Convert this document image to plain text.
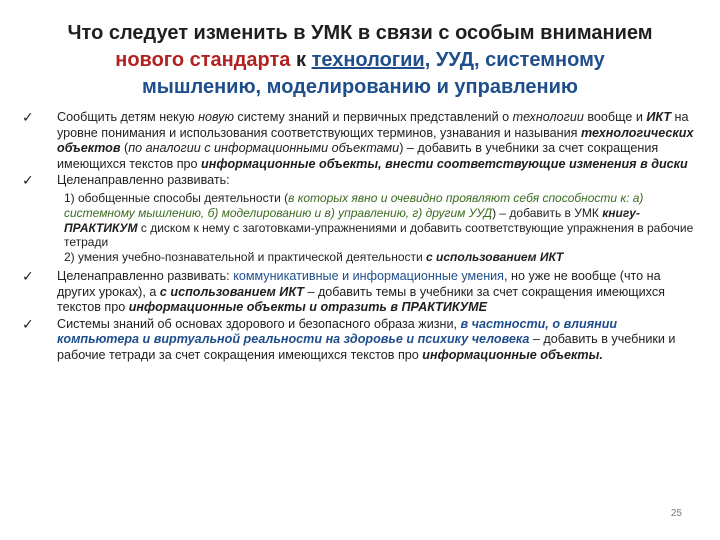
Что следует изменить в УМК в связи с особым вниманием
нового стандарта к технологии, УУД, системному
мышлению, моделированию и управлению
✓ Сообщить детям некую новую систему знаний и первичных представлений о технологии вообще и ИКТ на уровне понимания и использования соответствующих терминов, узнавания и называния технологических объектов (по аналогии с информационными объектами) – добавить в учебники за счет сокращения имеющихся текстов про информационные объекты, внести соответствующие изменения в диски
✓ Целенаправленно развивать:
1) обобщенные способы деятельности (в которых явно и очевидно проявляют себя способности к: а) системному мышлению, б) моделированию и в) управлению, г) другим УУД) – добавить в УМК книгу-ПРАКТИКУМ с диском к нему с заготовками-упражнениями и добавить соответствующие упражнения в рабочие тетради
2) умения учебно-познавательной и практической деятельности с использованием ИКТ
✓ Целенаправленно развивать: коммуникативные и информационные умения, но уже не вообще (что на других уроках), а с использованием ИКТ – добавить темы в учебники за счет сокращения имеющихся текстов про информационные объекты и отразить в ПРАКТИКУМЕ
✓ Системы знаний об основах здорового и безопасного образа жизни, в частности, о влиянии компьютера и виртуальной реальности на здоровье и психику человека – добавить в учебники и рабочие тетради за счет сокращения имеющихся текстов про информационные объекты.
25
